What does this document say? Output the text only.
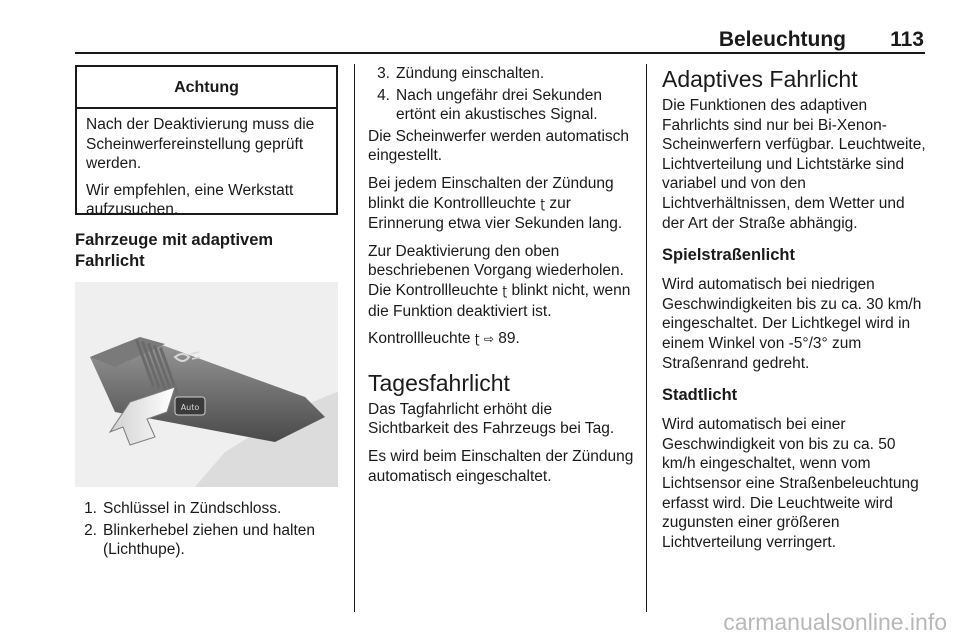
Beleuchtung	113
Achtung

Nach der Deaktivierung muss die Scheinwerfereinstellung geprüft werden.

Wir empfehlen, eine Werkstatt aufzusuchen.

Fahrzeuge mit adaptivem Fahrlicht
Auto
1. Schlüssel in Zündschloss.
2. Blinkerhebel ziehen und halten (Lichthupe).
3. Zündung einschalten.
4. Nach ungefähr drei Sekunden ertönt ein akustisches Signal.

Die Scheinwerfer werden automatisch eingestellt.

Bei jedem Einschalten der Zündung blinkt die Kontrollleuchte ʈ zur Erinnerung etwa vier Sekunden lang.

Zur Deaktivierung den oben beschriebenen Vorgang wiederholen. Die Kontrollleuchte ʈ blinkt nicht, wenn die Funktion deaktiviert ist.

Kontrollleuchte ʈ ⇨ 89.

Tagesfahrlicht

Das Tagfahrlicht erhöht die Sichtbarkeit des Fahrzeugs bei Tag.

Es wird beim Einschalten der Zündung automatisch eingeschaltet.

Adaptives Fahrlicht

Die Funktionen des adaptiven Fahrlichts sind nur bei Bi-Xenon-Scheinwerfern verfügbar. Leuchtweite, Lichtverteilung und Lichtstärke sind variabel und von den Lichtverhältnissen, dem Wetter und der Art der Straße abhängig.

Spielstraßenlicht

Wird automatisch bei niedrigen Geschwindigkeiten bis zu ca. 30 km/h eingeschaltet. Der Lichtkegel wird in einem Winkel von -5°/3° zum Straßenrand gedreht.

Stadtlicht

Wird automatisch bei einer Geschwindigkeit von bis zu ca. 50 km/h eingeschaltet, wenn vom Lichtsensor eine Straßenbeleuchtung erfasst wird. Die Leuchtweite wird zugunsten einer größeren Lichtverteilung verringert.

carmanualsonline.info
